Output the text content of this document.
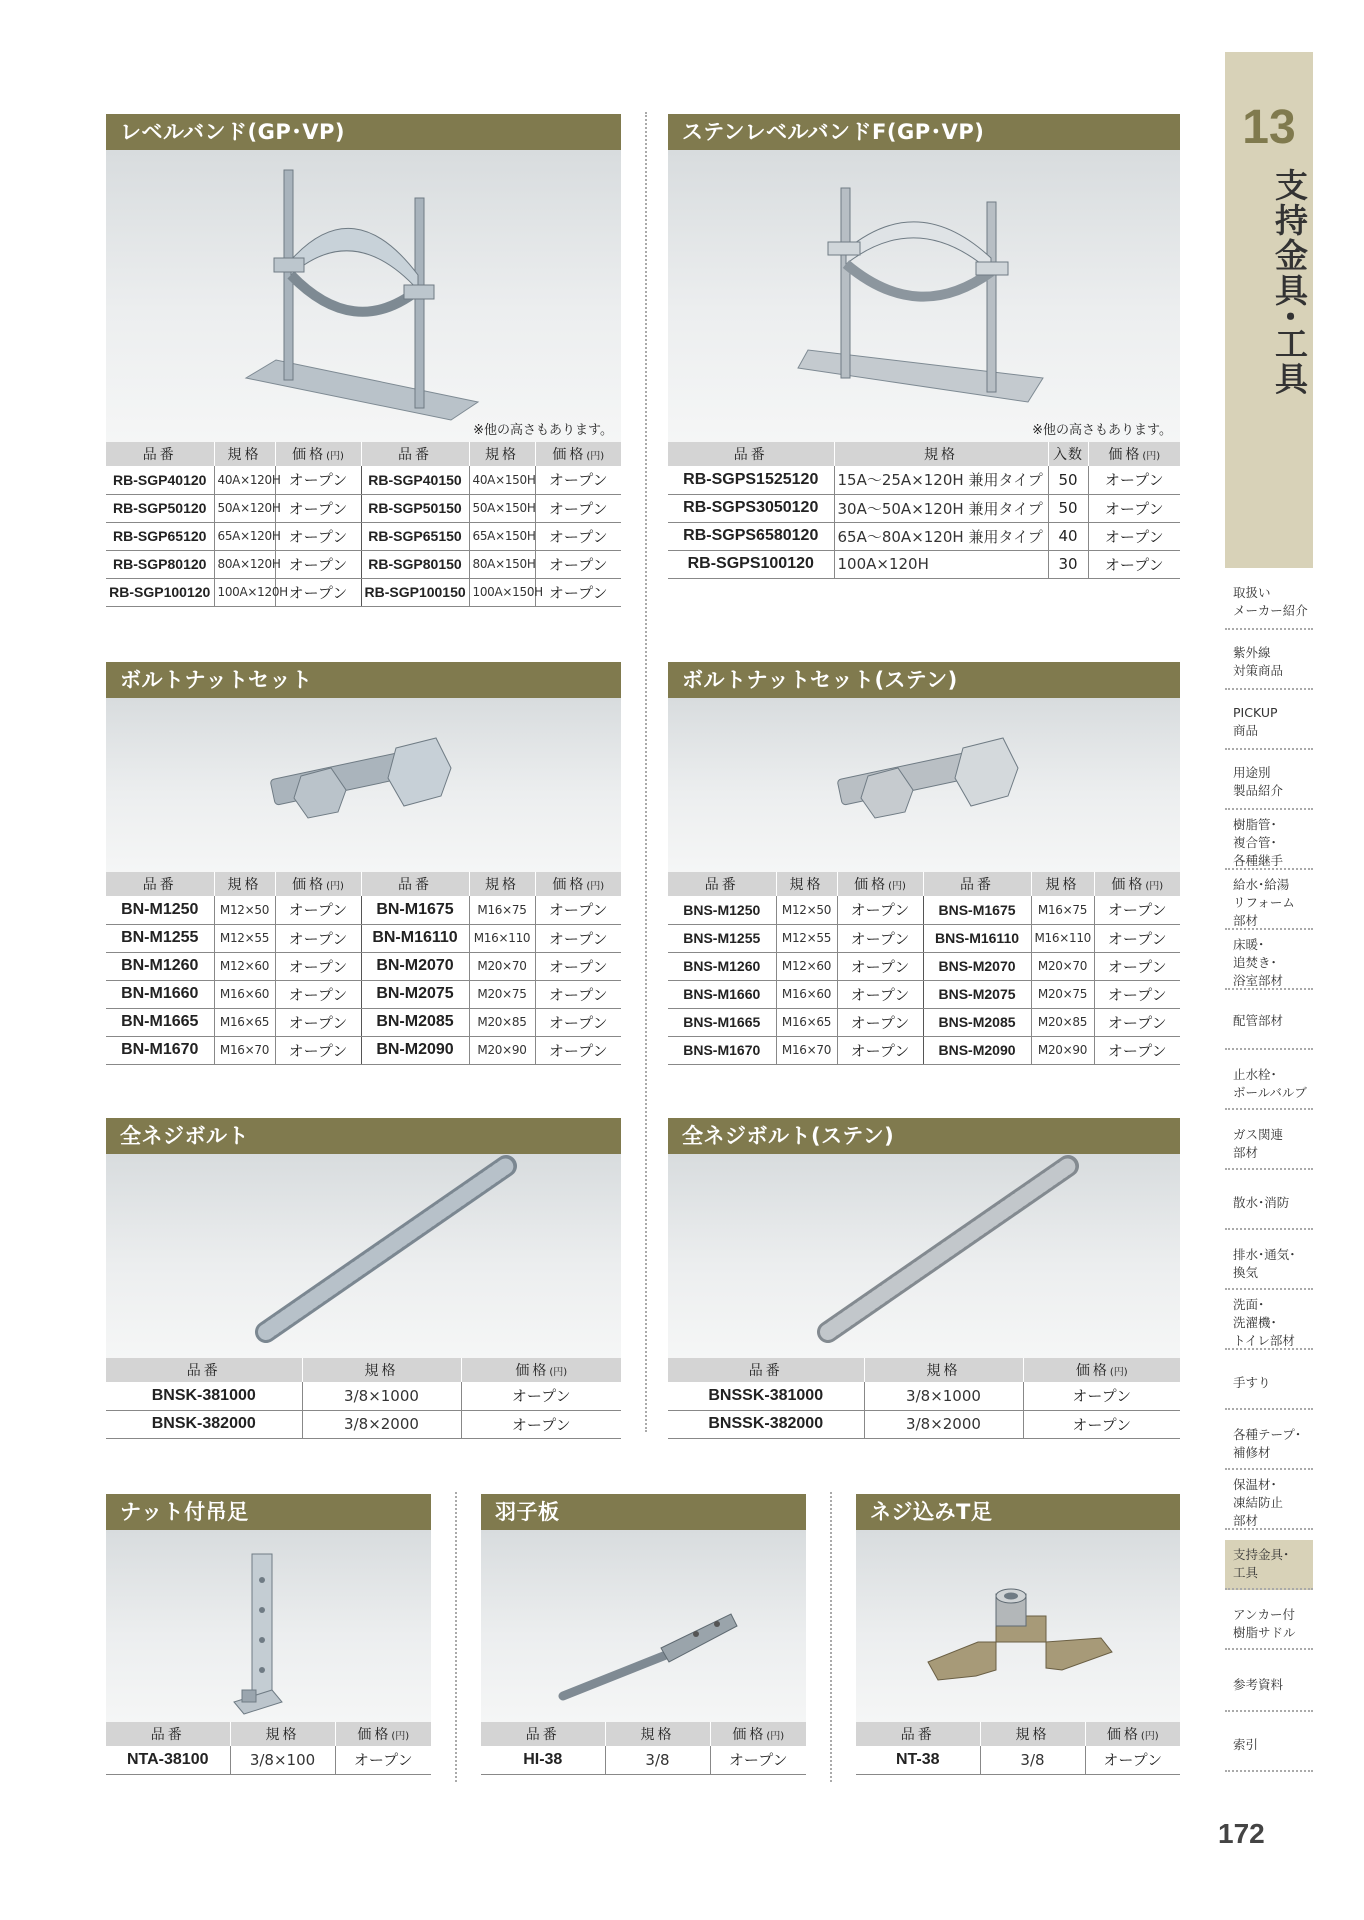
レベルバンド(GP･VP)
※他の高さもあります。
品番	規格	価格(円)	品番	規格	価格(円)
RB-SGP40120	40A×120H	オープン	RB-SGP40150	40A×150H	オープン
RB-SGP50120	50A×120H	オープン	RB-SGP50150	50A×150H	オープン
RB-SGP65120	65A×120H	オープン	RB-SGP65150	65A×150H	オープン
RB-SGP80120	80A×120H	オープン	RB-SGP80150	80A×150H	オープン
RB-SGP100120	100A×120H	オープン	RB-SGP100150	100A×150H	オープン
ステンレベルバンドF(GP･VP)
※他の高さもあります。
品番	規格	入数	価格(円)
RB-SGPS1525120	15A～25A×120H 兼用タイプ	50	オープン
RB-SGPS3050120	30A～50A×120H 兼用タイプ	50	オープン
RB-SGPS6580120	65A～80A×120H 兼用タイプ	40	オープン
RB-SGPS100120	100A×120H	30	オープン
ボルトナットセット
品番	規格	価格(円)	品番	規格	価格(円)
BN-M1250	M12×50	オープン	BN-M1675	M16×75	オープン
BN-M1255	M12×55	オープン	BN-M16110	M16×110	オープン
BN-M1260	M12×60	オープン	BN-M2070	M20×70	オープン
BN-M1660	M16×60	オープン	BN-M2075	M20×75	オープン
BN-M1665	M16×65	オープン	BN-M2085	M20×85	オープン
BN-M1670	M16×70	オープン	BN-M2090	M20×90	オープン
ボルトナットセット(ステン)
品番	規格	価格(円)	品番	規格	価格(円)
BNS-M1250	M12×50	オープン	BNS-M1675	M16×75	オープン
BNS-M1255	M12×55	オープン	BNS-M16110	M16×110	オープン
BNS-M1260	M12×60	オープン	BNS-M2070	M20×70	オープン
BNS-M1660	M16×60	オープン	BNS-M2075	M20×75	オープン
BNS-M1665	M16×65	オープン	BNS-M2085	M20×85	オープン
BNS-M1670	M16×70	オープン	BNS-M2090	M20×90	オープン
全ネジボルト
品番	規格	価格(円)
BNSK-381000	3/8×1000	オープン
BNSK-382000	3/8×2000	オープン
全ネジボルト(ステン)
品番	規格	価格(円)
BNSSK-381000	3/8×1000	オープン
BNSSK-382000	3/8×2000	オープン
ナット付吊足
品番	規格	価格(円)
NTA-38100	3/8×100	オープン
羽子板
品番	規格	価格(円)
HI-38	3/8	オープン
ネジ込みT足
品番	規格	価格(円)
NT-38	3/8	オープン
13
支持金具･工具
取扱い
メーカー紹介
紫外線
対策商品
PICKUP
商品
用途別
製品紹介
樹脂管･
複合管･
各種継手
給水･給湯
リフォーム
部材
床暖･
追焚き･
浴室部材
配管部材
止水栓･
ボールバルブ
ガス関連
部材
散水･消防
排水･通気･
換気
洗面･
洗濯機･
トイレ部材
手すり
各種テープ･
補修材
保温材･
凍結防止
部材
支持金具･
工具
アンカー付
樹脂サドル
参考資料
索引
172
